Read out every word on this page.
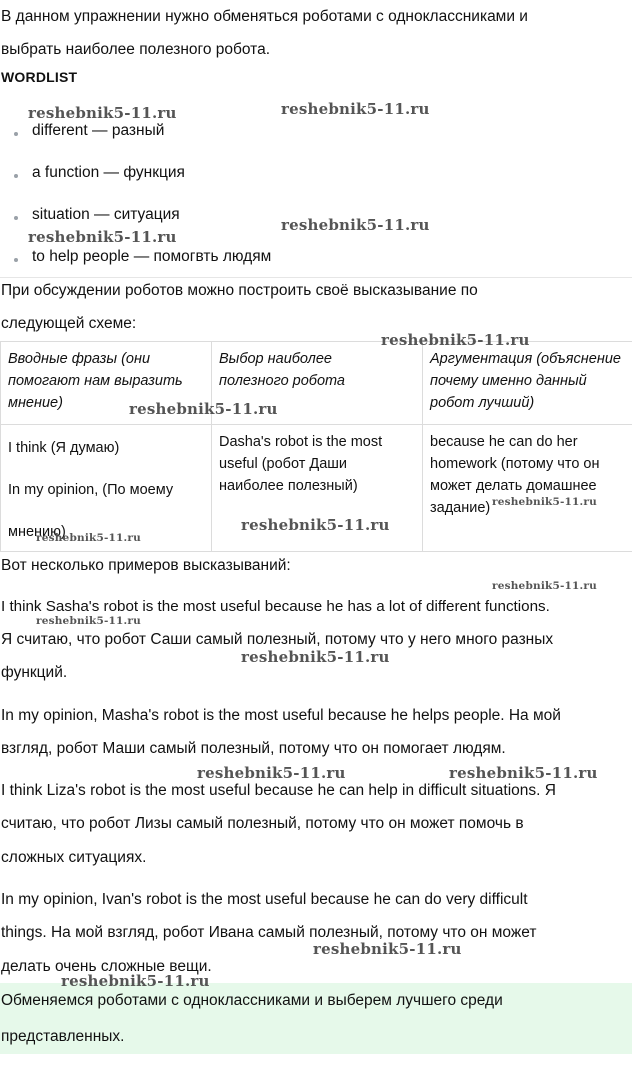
В данном упражнении нужно обменяться роботами с одноклассниками и
выбрать наиболее полезного робота.
WORDLIST
different — разный
a function — функция
situation — ситуация
to help people — помогвть людям
При обсуждении роботов можно построить своё высказывание по
следующей схеме:
Вводные фразы (они
помогают нам выразить
мнение)	Выбор наиболее
полезного робота	Аргументация (объяснение
почему именно данный
робот лучший)

I think (Я думаю)
In my opinion, (По моему
мнению)	Dasha's robot is the most
useful (робот Даши
наиболее полезный)	because he can do her
homework (потому что он
может делать домашнее
задание)
Вот несколько примеров высказываний:
I think Sasha's robot is the most useful because he has a lot of different functions.
Я считаю, что робот Саши самый полезный, потому что у него много разных
функций.
In my opinion, Masha's robot is the most useful because he helps people. На мой
взгляд, робот Маши самый полезный, потому что он помогает людям.
I think Liza's robot is the most useful because he can help in difficult situations. Я
считаю, что робот Лизы самый полезный, потому что он может помочь в
сложных ситуациях.
In my opinion, Ivan's robot is the most useful because he can do very difficult
things. На мой взгляд, робот Ивана самый полезный, потому что он может
делать очень сложные вещи.
Обменяемся роботами с одноклассниками и выберем лучшего среди
представленных.
reshebnik5-11.ru	reshebnik5-11.ru
reshebnik5-11.ru
reshebnik5-11.ru
reshebnik5-11.ru
reshebnik5-11.ru
reshebnik5-11.ru
reshebnik5-11.ru
reshebnik5-11.ru
reshebnik5-11.ru
reshebnik5-11.ru
reshebnik5-11.ru
reshebnik5-11.ru	reshebnik5-11.ru
reshebnik5-11.ru
reshebnik5-11.ru
